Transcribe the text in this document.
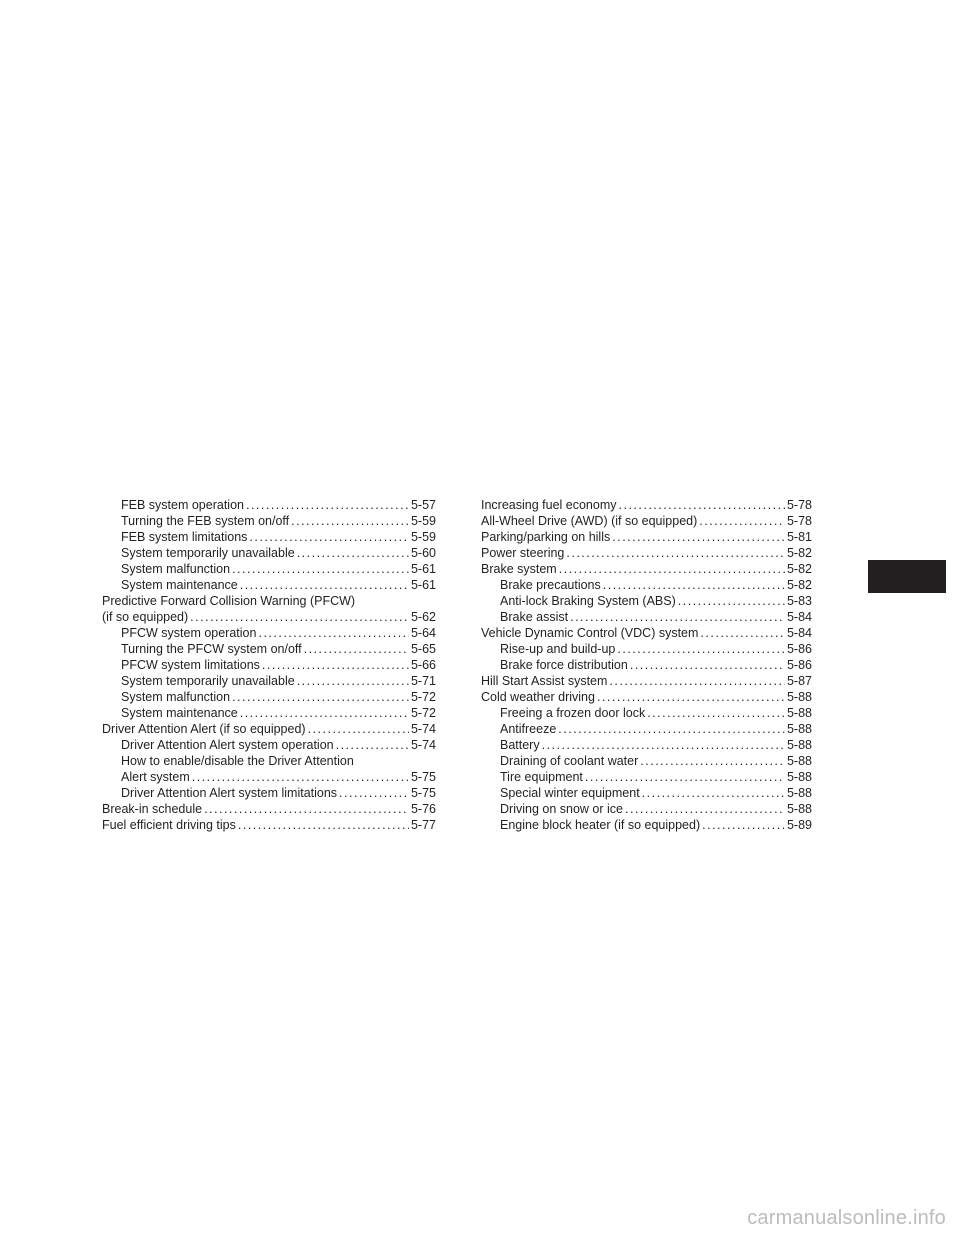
FEB system operation .....	5-57
Turning the FEB system on/off .....	5-59
FEB system limitations .....	5-59
System temporarily unavailable .....	5-60
System malfunction .....	5-61
System maintenance .....	5-61
Predictive Forward Collision Warning (PFCW)
(if so equipped) .....	5-62
PFCW system operation .....	5-64
Turning the PFCW system on/off .....	5-65
PFCW system limitations .....	5-66
System temporarily unavailable .....	5-71
System malfunction .....	5-72
System maintenance .....	5-72
Driver Attention Alert (if so equipped) .....	5-74
Driver Attention Alert system operation .....	5-74
How to enable/disable the Driver Attention
Alert system .....	5-75
Driver Attention Alert system limitations .....	5-75
Break-in schedule .....	5-76
Fuel efficient driving tips .....	5-77
Increasing fuel economy .....	5-78
All-Wheel Drive (AWD) (if so equipped) .....	5-78
Parking/parking on hills .....	5-81
Power steering .....	5-82
Brake system .....	5-82
Brake precautions .....	5-82
Anti-lock Braking System (ABS) .....	5-83
Brake assist .....	5-84
Vehicle Dynamic Control (VDC) system .....	5-84
Rise-up and build-up .....	5-86
Brake force distribution .....	5-86
Hill Start Assist system .....	5-87
Cold weather driving .....	5-88
Freeing a frozen door lock .....	5-88
Antifreeze .....	5-88
Battery .....	5-88
Draining of coolant water .....	5-88
Tire equipment .....	5-88
Special winter equipment .....	5-88
Driving on snow or ice .....	5-88
Engine block heater (if so equipped) .....	5-89
carmanualsonline.info
